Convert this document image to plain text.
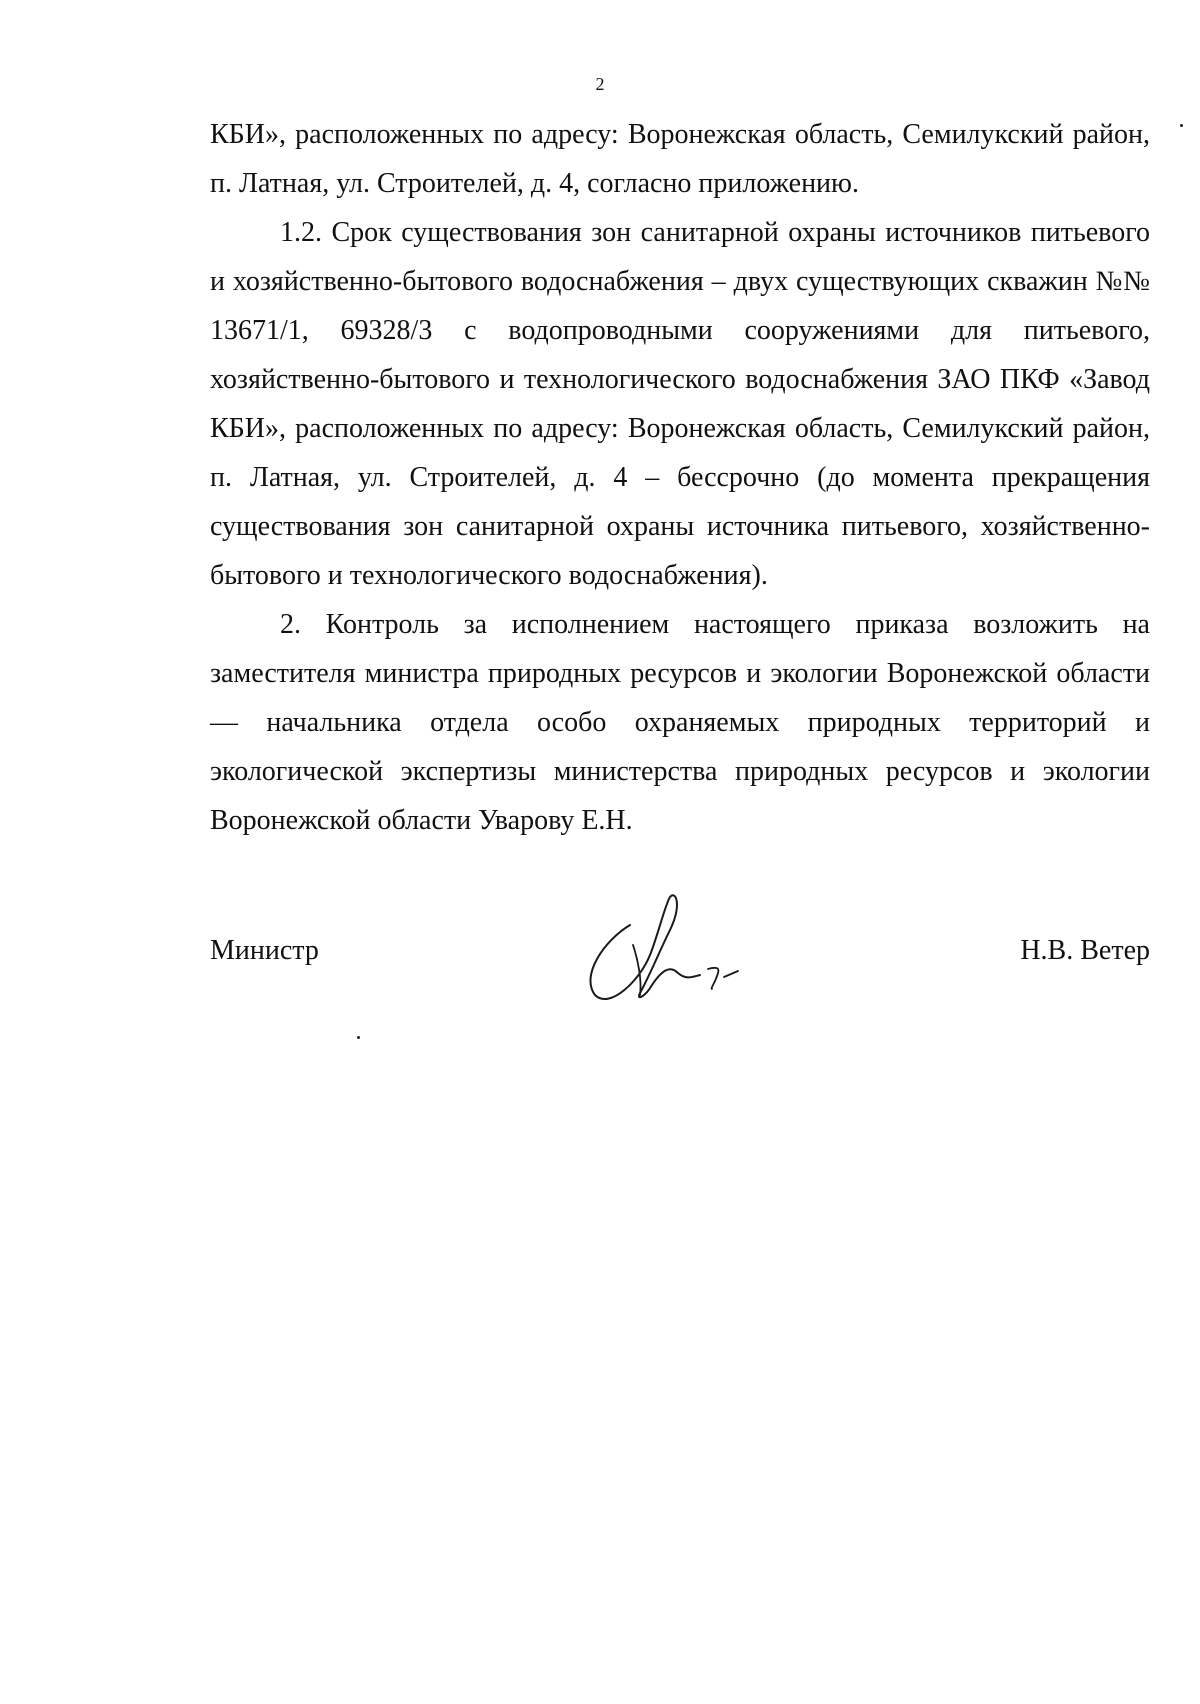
2

КБИ», расположенных по адресу: Воронежская область, Семилукский район, п. Латная, ул. Строителей, д. 4, согласно приложению.

1.2. Срок существования зон санитарной охраны источников питьевого и хозяйственно-бытового водоснабжения – двух существующих скважин №№ 13671/1, 69328/3 с водопроводными сооружениями для питьевого, хозяйственно-бытового и технологического водоснабжения ЗАО ПКФ «Завод КБИ», расположенных по адресу: Воронежская область, Семилукский район, п. Латная, ул. Строителей, д. 4 – бессрочно (до момента прекращения существования зон санитарной охраны источника питьевого, хозяйственно-бытового и технологического водоснабжения).

2. Контроль за исполнением настоящего приказа возложить на заместителя министра природных ресурсов и экологии Воронежской области — начальника отдела особо охраняемых природных территорий и экологической экспертизы министерства природных ресурсов и экологии Воронежской области Уварову Е.Н.

Министр	Н.В. Ветер
